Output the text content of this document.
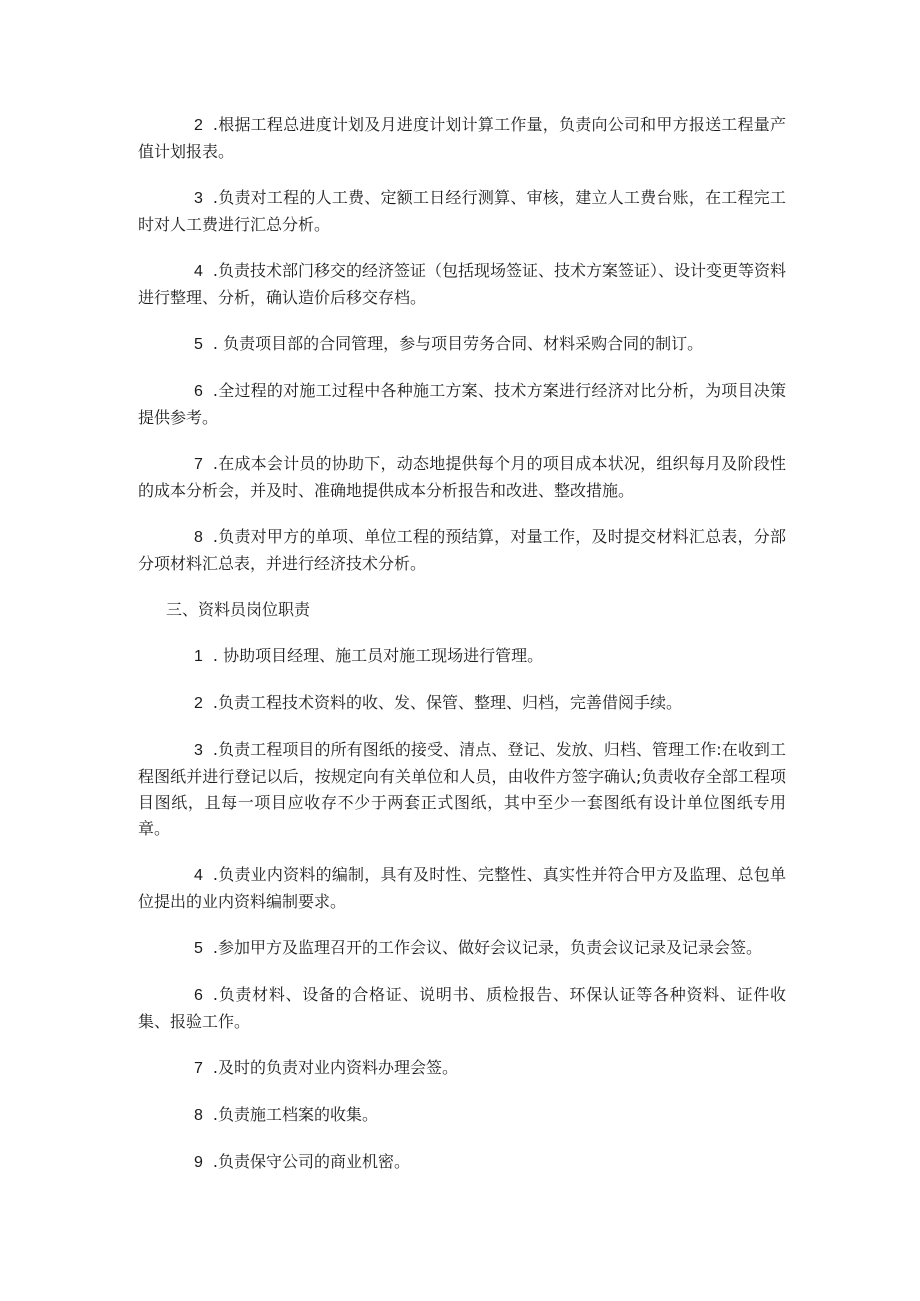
2 .根据工程总进度计划及月进度计划计算工作量，负责向公司和甲方报送工程量产值计划报表。

3 .负责对工程的人工费、定额工日经行测算、审核，建立人工费台账，在工程完工时对人工费进行汇总分析。

4 .负责技术部门移交的经济签证（包括现场签证、技术方案签证）、设计变更等资料进行整理、分析，确认造价后移交存档。

5 . 负责项目部的合同管理，参与项目劳务合同、材料采购合同的制订。

6 .全过程的对施工过程中各种施工方案、技术方案进行经济对比分析，为项目决策提供参考。

7 .在成本会计员的协助下，动态地提供每个月的项目成本状况，组织每月及阶段性的成本分析会，并及时、准确地提供成本分析报告和改进、整改措施。

8 .负责对甲方的单项、单位工程的预结算，对量工作，及时提交材料汇总表，分部分项材料汇总表，并进行经济技术分析。

三、资料员岗位职责

1 . 协助项目经理、施工员对施工现场进行管理。

2 .负责工程技术资料的收、发、保管、整理、归档，完善借阅手续。

3 .负责工程项目的所有图纸的接受、清点、登记、发放、归档、管理工作:在收到工程图纸并进行登记以后，按规定向有关单位和人员，由收件方签字确认;负责收存全部工程项目图纸，且每一项目应收存不少于两套正式图纸，其中至少一套图纸有设计单位图纸专用章。

4 .负责业内资料的编制，具有及时性、完整性、真实性并符合甲方及监理、总包单位提出的业内资料编制要求。

5 .参加甲方及监理召开的工作会议、做好会议记录，负责会议记录及记录会签。

6 .负责材料、设备的合格证、说明书、质检报告、环保认证等各种资料、证件收集、报验工作。

7 .及时的负责对业内资料办理会签。

8 .负责施工档案的收集。

9 .负责保守公司的商业机密。
